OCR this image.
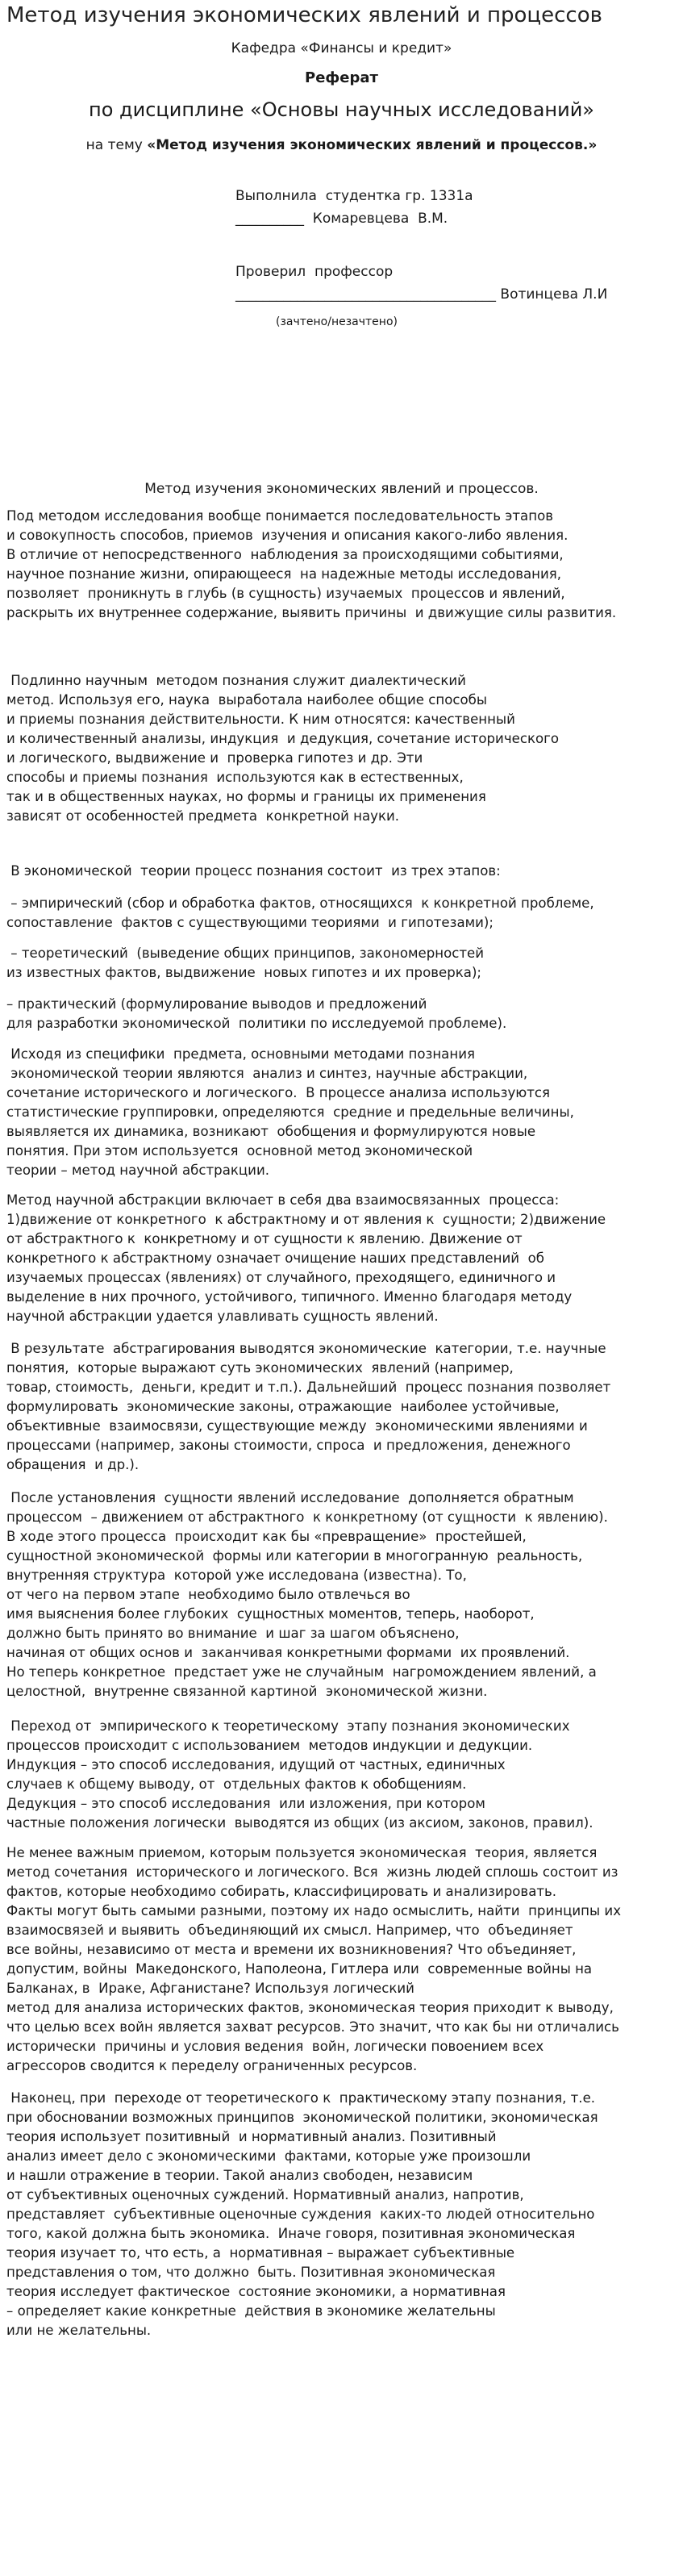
Метод изучения экономических явлений и процессов
Кафедра «Финансы и кредит»
Реферат
по дисциплине «Основы научных исследований»
на тему «Метод изучения экономических явлений и процессов.»
Выполнила  студентка гр. 1331а
__________  Комаревцева  В.М.
Проверил  профессор
______________________________________ Вотинцева Л.И
(зачтено/незачтено)
Метод изучения экономических явлений и процессов.
Под методом исследования вообще понимается последовательность этапов
и совокупность способов, приемов  изучения и описания какого-либо явления.
В отличие от непосредственного  наблюдения за происходящими событиями,
научное познание жизни, опирающееся  на надежные методы исследования,
позволяет  проникнуть в глубь (в сущность) изучаемых  процессов и явлений,
раскрыть их внутреннее содержание, выявить причины  и движущие силы развития.
Подлинно научным  методом познания служит диалектический
метод. Используя его, наука  выработала наиболее общие способы
и приемы познания действительности. К ним относятся: качественный
и количественный анализы, индукция  и дедукция, сочетание исторического
и логического, выдвижение и  проверка гипотез и др. Эти
способы и приемы познания  используются как в естественных,
так и в общественных науках, но формы и границы их применения
зависят от особенностей предмета  конкретной науки.
В экономической  теории процесс познания состоит  из трех этапов:
– эмпирический (сбор и обработка фактов, относящихся  к конкретной проблеме,
сопоставление  фактов с существующими теориями  и гипотезами);
– теоретический  (выведение общих принципов, закономерностей
из известных фактов, выдвижение  новых гипотез и их проверка);
– практический (формулирование выводов и предложений
для разработки экономической  политики по исследуемой проблеме).
Исходя из специфики  предмета, основными методами познания
экономической теории являются  анализ и синтез, научные абстракции,
сочетание исторического и логического.  В процессе анализа используются
статистические группировки, определяются  средние и предельные величины,
выявляется их динамика, возникают  обобщения и формулируются новые
понятия. При этом используется  основной метод экономической
теории – метод научной абстракции.
Метод научной абстракции включает в себя два взаимосвязанных  процесса:
1)движение от конкретного  к абстрактному и от явления к  сущности; 2)движение
от абстрактного к  конкретному и от сущности к явлению. Движение от
конкретного к абстрактному означает очищение наших представлений  об
изучаемых процессах (явлениях) от случайного, преходящего, единичного и
выделение в них прочного, устойчивого, типичного. Именно благодаря методу
научной абстракции удается улавливать сущность явлений.
В результате  абстрагирования выводятся экономические  категории, т.е. научные
понятия,  которые выражают суть экономических  явлений (например,
товар, стоимость,  деньги, кредит и т.п.). Дальнейший  процесс познания позволяет
формулировать  экономические законы, отражающие  наиболее устойчивые,
объективные  взаимосвязи, существующие между  экономическими явлениями и
процессами (например, законы стоимости, спроса  и предложения, денежного
обращения  и др.).
После установления  сущности явлений исследование  дополняется обратным
процессом  – движением от абстрактного  к конкретному (от сущности  к явлению).
В ходе этого процесса  происходит как бы «превращение»  простейшей,
сущностной экономической  формы или категории в многогранную  реальность,
внутренняя структура  которой уже исследована (известна). То,
от чего на первом этапе  необходимо было отвлечься во
имя выяснения более глубоких  сущностных моментов, теперь, наоборот,
должно быть принято во внимание  и шаг за шагом объяснено,
начиная от общих основ и  заканчивая конкретными формами  их проявлений.
Но теперь конкретное  предстает уже не случайным  нагромождением явлений, а
целостной,  внутренне связанной картиной  экономической жизни.
Переход от  эмпирического к теоретическому  этапу познания экономических
процессов происходит с использованием  методов индукции и дедукции.
Индукция – это способ исследования, идущий от частных, единичных
случаев к общему выводу, от  отдельных фактов к обобщениям.
Дедукция – это способ исследования  или изложения, при котором
частные положения логически  выводятся из общих (из аксиом, законов, правил).
Не менее важным приемом, которым пользуется экономическая  теория, является
метод сочетания  исторического и логического. Вся  жизнь людей сплошь состоит из
фактов, которые необходимо собирать, классифицировать и анализировать.
Факты могут быть самыми разными, поэтому их надо осмыслить, найти  принципы их
взаимосвязей и выявить  объединяющий их смысл. Например, что  объединяет
все войны, независимо от места и времени их возникновения? Что объединяет,
допустим, войны  Македонского, Наполеона, Гитлера или  современные войны на
Балканах, в  Ираке, Афганистане? Используя логический
метод для анализа исторических фактов, экономическая теория приходит к выводу,
что целью всех войн является захват ресурсов. Это значит, что как бы ни отличались
исторически  причины и условия ведения  войн, логически повоением всех
агрессоров сводится к переделу ограниченных ресурсов.
Наконец, при  переходе от теоретического к  практическому этапу познания, т.е.
при обосновании возможных принципов  экономической политики, экономическая
теория использует позитивный  и нормативный анализ. Позитивный
анализ имеет дело с экономическими  фактами, которые уже произошли
и нашли отражение в теории. Такой анализ свободен, независим
от субъективных оценочных суждений. Нормативный анализ, напротив,
представляет  субъективные оценочные суждения  каких-то людей относительно
того, какой должна быть экономика.  Иначе говоря, позитивная экономическая
теория изучает то, что есть, а  нормативная – выражает субъективные
представления о том, что должно  быть. Позитивная экономическая
теория исследует фактическое  состояние экономики, а нормативная
– определяет какие конкретные  действия в экономике желательны
или не желательны.
